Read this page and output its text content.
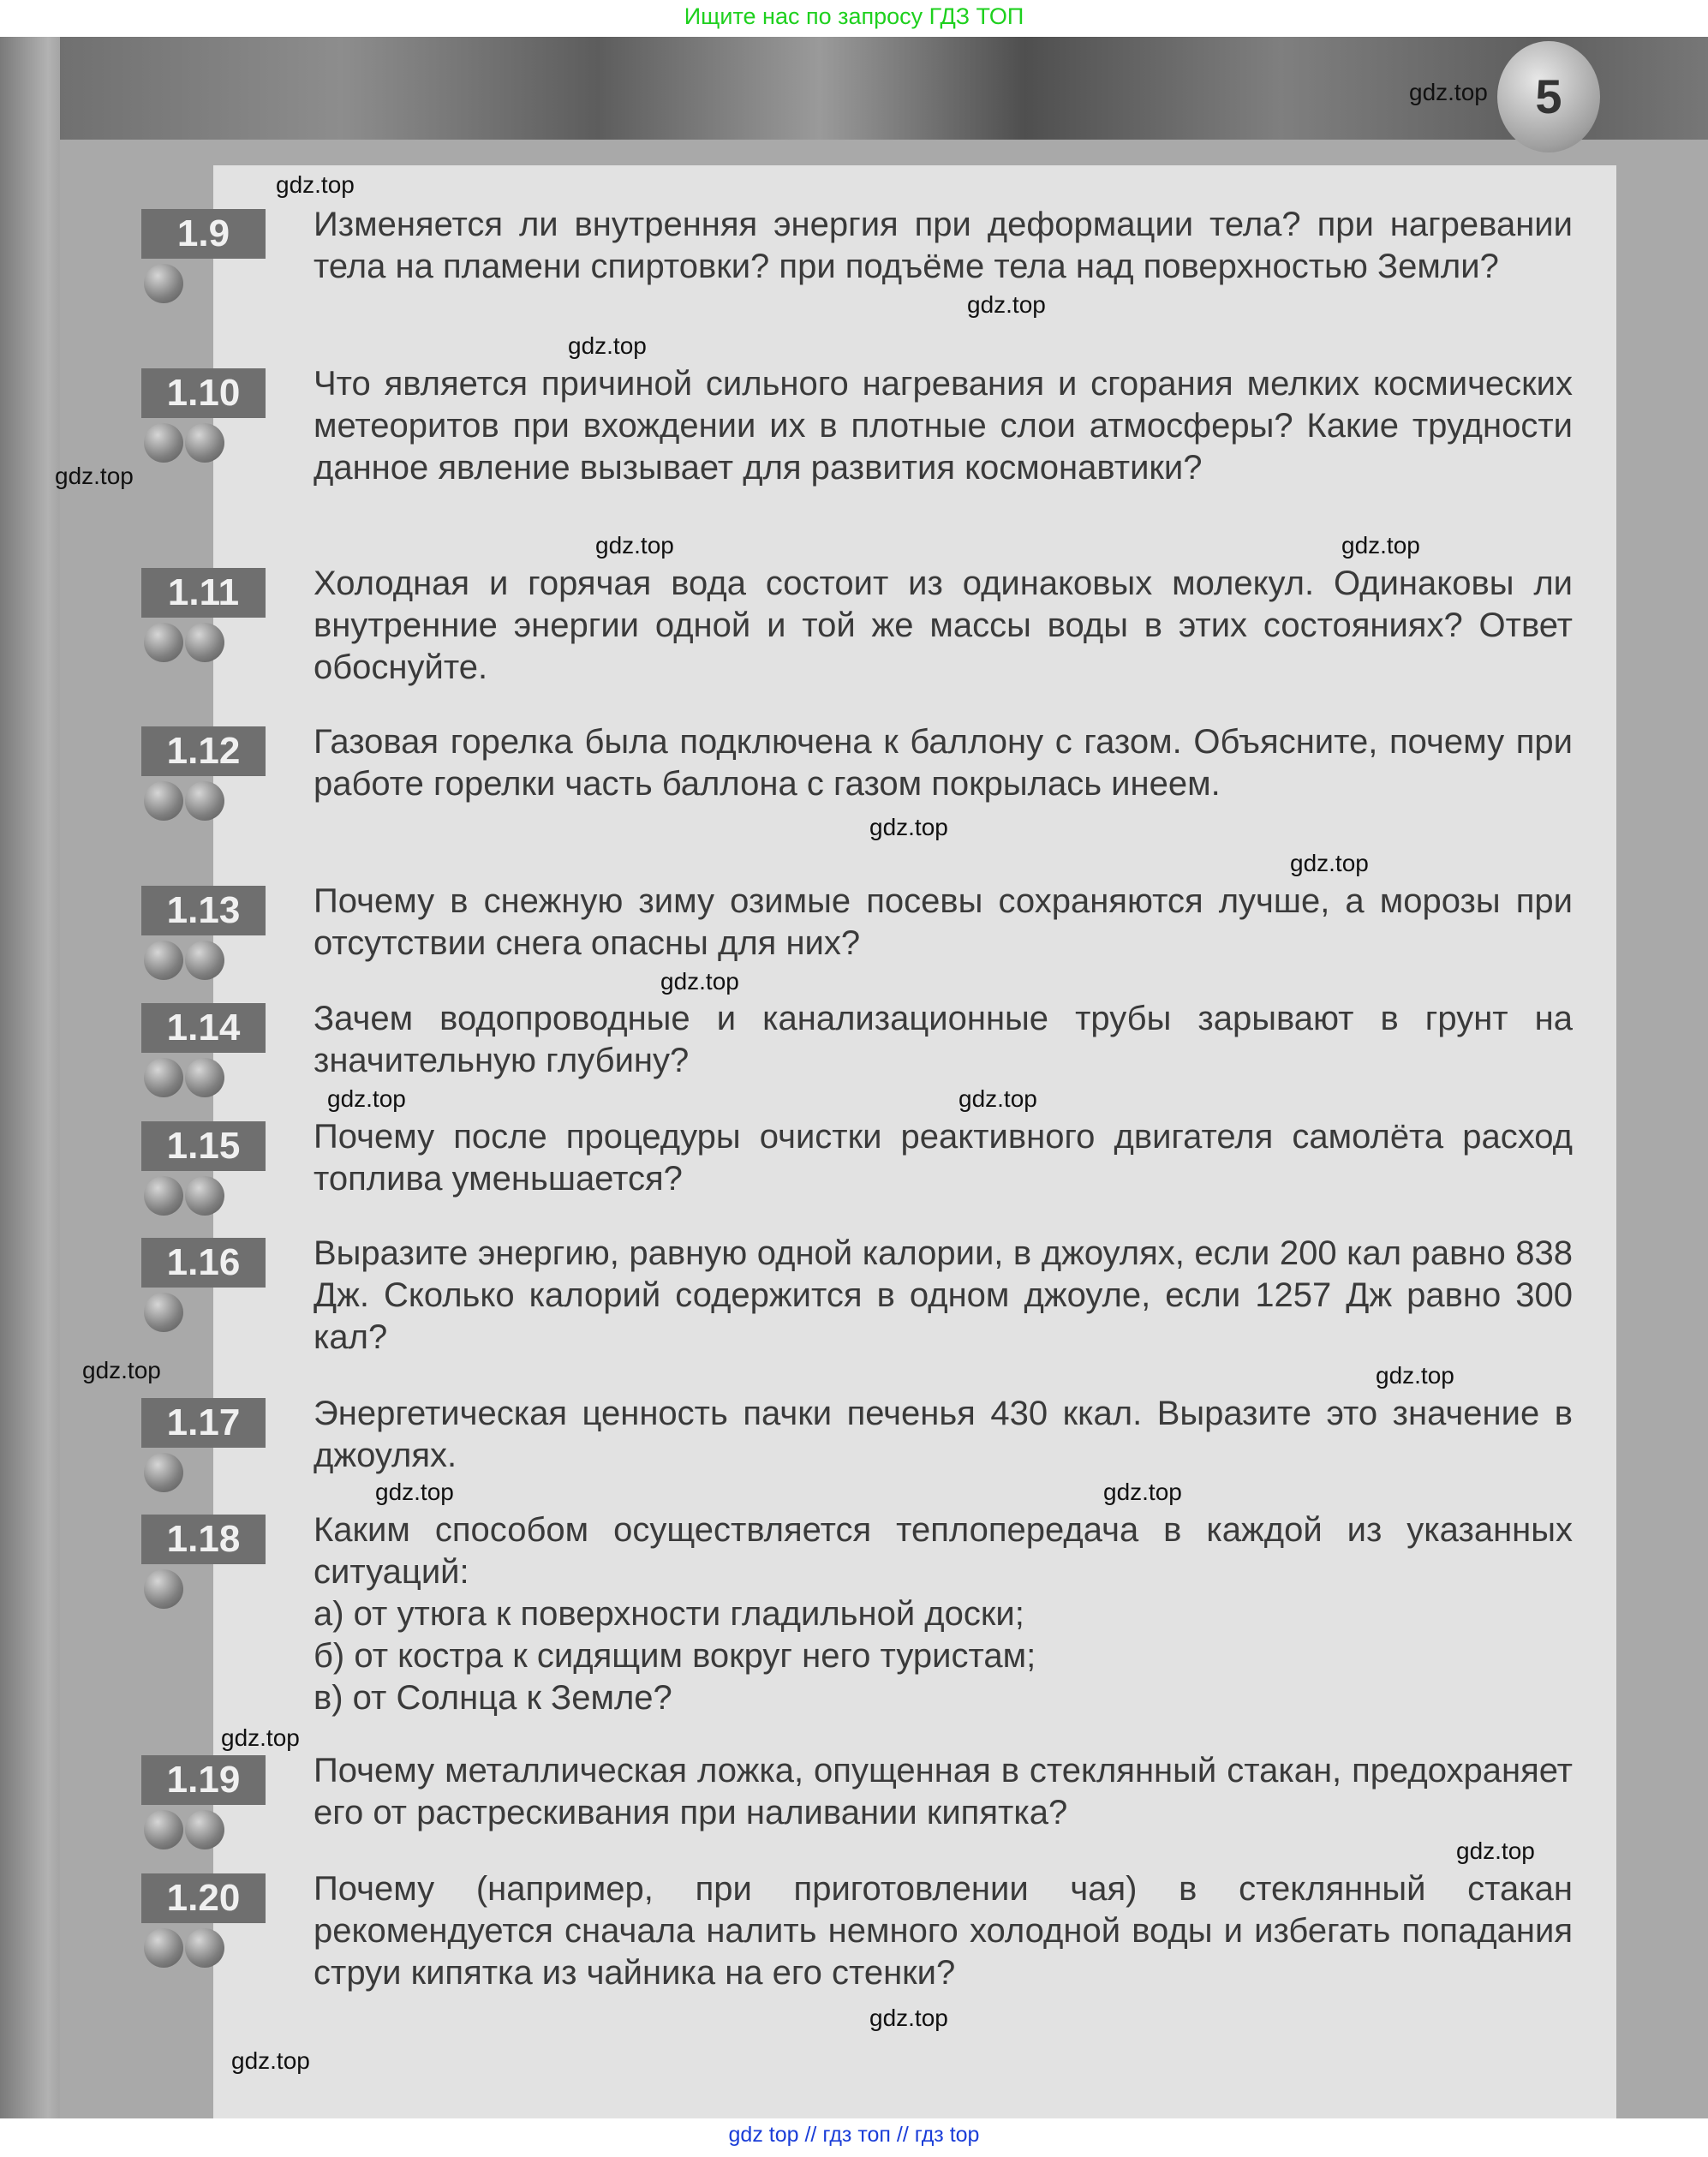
Ищите нас по запросу ГДЗ ТОП
5
1.9	Изменяется ли внутренняя энергия при деформации тела? при нагревании тела на пламени спиртовки? при подъёме тела над поверхностью Земли?
1.10	Что является причиной сильного нагревания и сгорания мелких космических метеоритов при вхождении их в плотные слои атмосферы? Какие трудности данное явление вызывает для развития космонавтики?
1.11	Холодная и горячая вода состоит из одинаковых молекул. Одинаковы ли внутренние энергии одной и той же массы воды в этих состояниях? Ответ обоснуйте.
1.12	Газовая горелка была подключена к баллону с газом. Объясните, почему при работе горелки часть баллона с газом покрылась инеем.
1.13	Почему в снежную зиму озимые посевы сохраняются лучше, а морозы при отсутствии снега опасны для них?
1.14	Зачем водопроводные и канализационные трубы зарывают в грунт на значительную глубину?
1.15	Почему после процедуры очистки реактивного двигателя самолёта расход топлива уменьшается?
1.16	Выразите энергию, равную одной калории, в джоулях, если 200 кал равно 838 Дж. Сколько калорий содержится в одном джоуле, если 1257 Дж равно 300 кал?
1.17	Энергетическая ценность пачки печенья 430 ккал. Выразите это значение в джоулях.
1.18	Каким способом осуществляется теплопередача в каждой из указанных ситуаций:
а) от утюга к поверхности гладильной доски;
б) от костра к сидящим вокруг него туристам;
в) от Солнца к Земле?
1.19	Почему металлическая ложка, опущенная в стеклянный стакан, предохраняет его от растрескивания при наливании кипятка?
1.20	Почему (например, при приготовлении чая) в стеклянный стакан рекомендуется сначала налить немного холодной воды и избегать попадания струи кипятка из чайника на его стенки?
gdz.top
gdz.top
gdz.top
gdz.top
gdz.top	gdz.top
gdz.top
gdz.top
gdz.top
gdz.top	gdz.top
gdz.top	gdz.top
gdz.top	gdz.top
gdz.top
gdz.top
gdz.top
gdz.top
gdz.top
gdz top // гдз топ // гдз top
